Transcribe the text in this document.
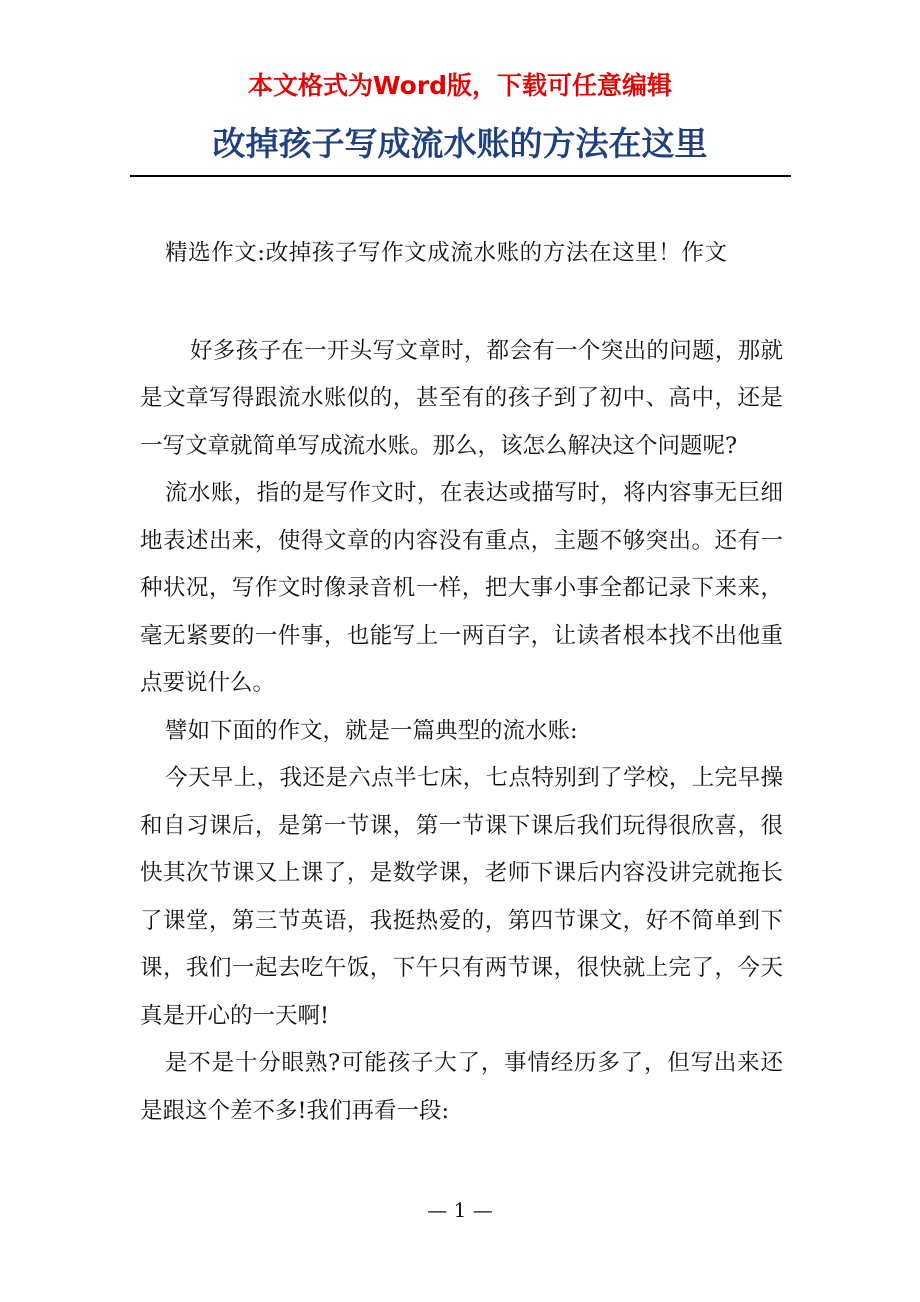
本文格式为Word版，下载可任意编辑
改掉孩子写成流水账的方法在这里

精选作文:改掉孩子写作文成流水账的方法在这里！作文

好多孩子在一开头写文章时，都会有一个突出的问题，那就是文章写得跟流水账似的，甚至有的孩子到了初中、高中，还是一写文章就简单写成流水账。那么，该怎么解决这个问题呢?

流水账，指的是写作文时，在表达或描写时，将内容事无巨细地表述出来，使得文章的内容没有重点，主题不够突出。还有一种状况，写作文时像录音机一样，把大事小事全都记录下来来，毫无紧要的一件事，也能写上一两百字，让读者根本找不出他重点要说什么。

譬如下面的作文，就是一篇典型的流水账:

今天早上，我还是六点半七床，七点特别到了学校，上完早操和自习课后，是第一节课，第一节课下课后我们玩得很欣喜，很快其次节课又上课了，是数学课，老师下课后内容没讲完就拖长了课堂，第三节英语，我挺热爱的，第四节课文，好不简单到下课，我们一起去吃午饭，下午只有两节课，很快就上完了，今天真是开心的一天啊!

是不是十分眼熟?可能孩子大了，事情经历多了，但写出来还是跟这个差不多!我们再看一段:

— 1 —
